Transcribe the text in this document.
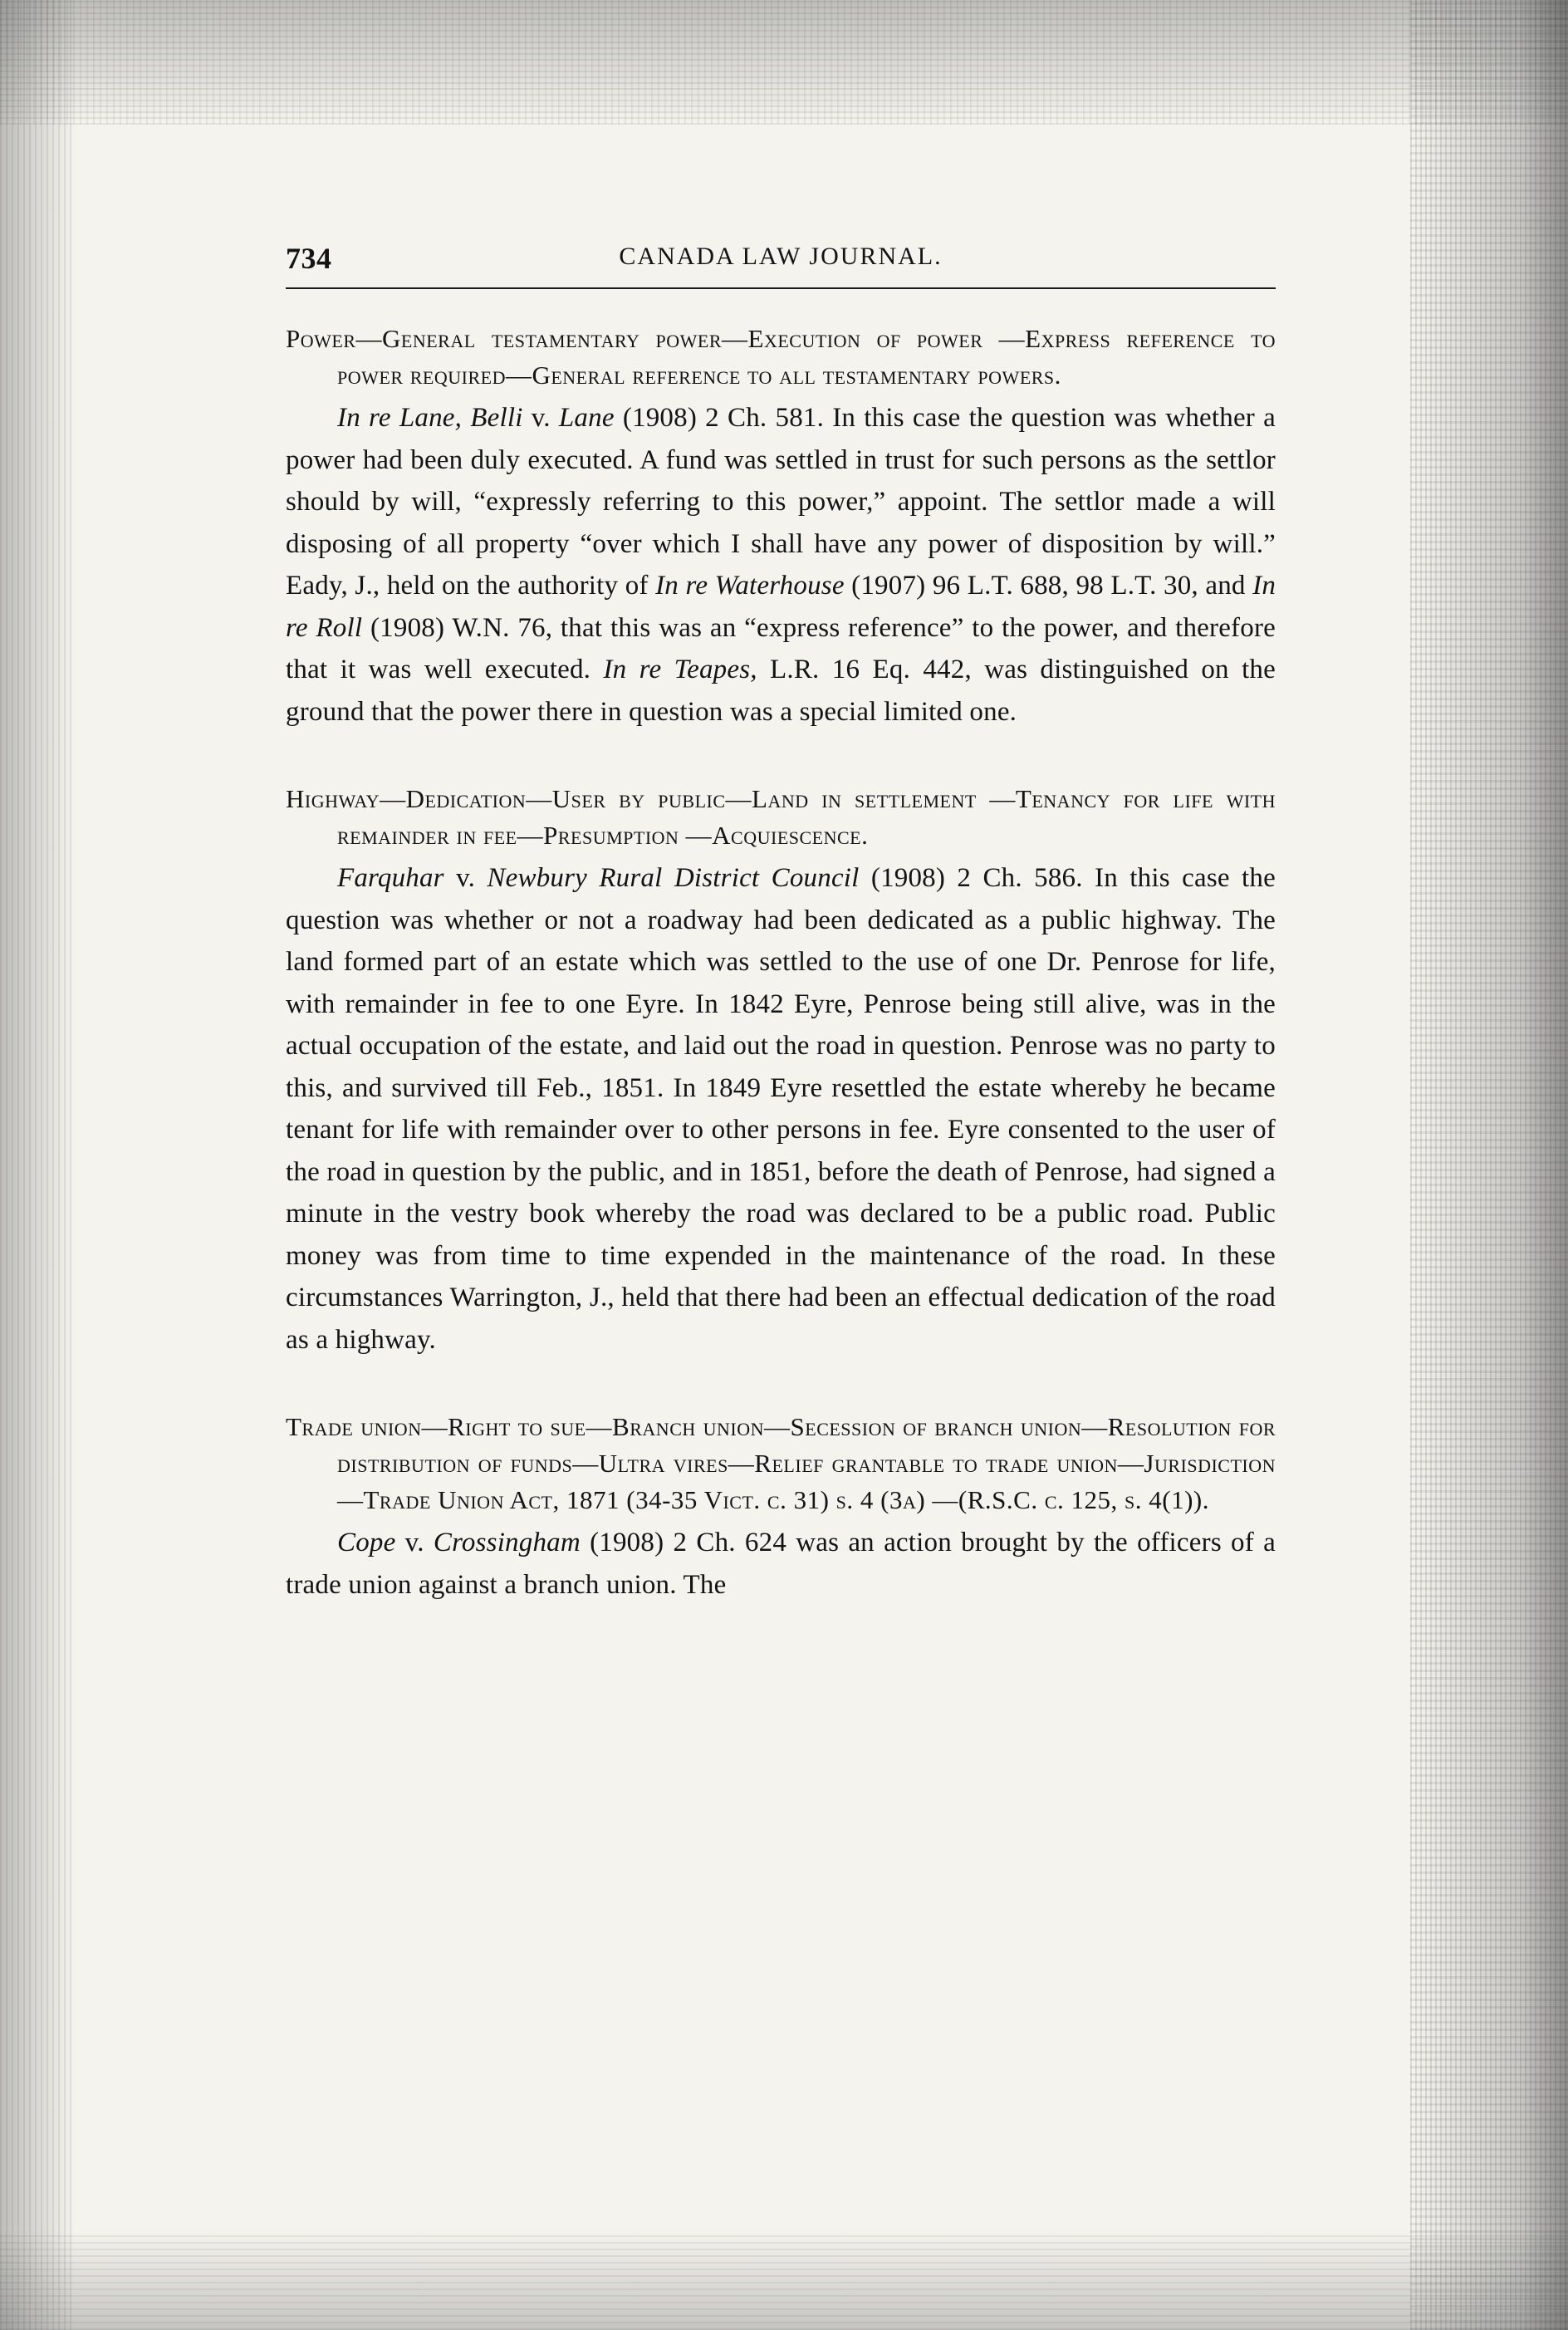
734	CANADA LAW JOURNAL.
Power—General testamentary power—Execution of power —Express reference to power required—General reference to all testamentary powers.

In re Lane, Belli v. Lane (1908) 2 Ch. 581. In this case the question was whether a power had been duly executed. A fund was settled in trust for such persons as the settlor should by will, “expressly referring to this power,” appoint. The settlor made a will disposing of all property “over which I shall have any power of disposition by will.” Eady, J., held on the authority of In re Waterhouse (1907) 96 L.T. 688, 98 L.T. 30, and In re Roll (1908) W.N. 76, that this was an “express reference” to the power, and therefore that it was well executed. In re Teapes, L.R. 16 Eq. 442, was distinguished on the ground that the power there in question was a special limited one.

Highway—Dedication—User by public—Land in settlement —Tenancy for life with remainder in fee—Presumption —Acquiescence.

Farquhar v. Newbury Rural District Council (1908) 2 Ch. 586. In this case the question was whether or not a roadway had been dedicated as a public highway. The land formed part of an estate which was settled to the use of one Dr. Penrose for life, with remainder in fee to one Eyre. In 1842 Eyre, Penrose being still alive, was in the actual occupation of the estate, and laid out the road in question. Penrose was no party to this, and survived till Feb., 1851. In 1849 Eyre resettled the estate whereby he became tenant for life with remainder over to other persons in fee. Eyre consented to the user of the road in question by the public, and in 1851, before the death of Penrose, had signed a minute in the vestry book whereby the road was declared to be a public road. Public money was from time to time expended in the maintenance of the road. In these circumstances Warrington, J., held that there had been an effectual dedication of the road as a highway.

Trade union—Right to sue—Branch union—Secession of branch union—Resolution for distribution of funds—Ultra vires—Relief grantable to trade union—Jurisdiction—Trade Union Act, 1871 (34-35 Vict. c. 31) s. 4 (3a) —(R.S.C. c. 125, s. 4(1)).

Cope v. Crossingham (1908) 2 Ch. 624 was an action brought by the officers of a trade union against a branch union. The
